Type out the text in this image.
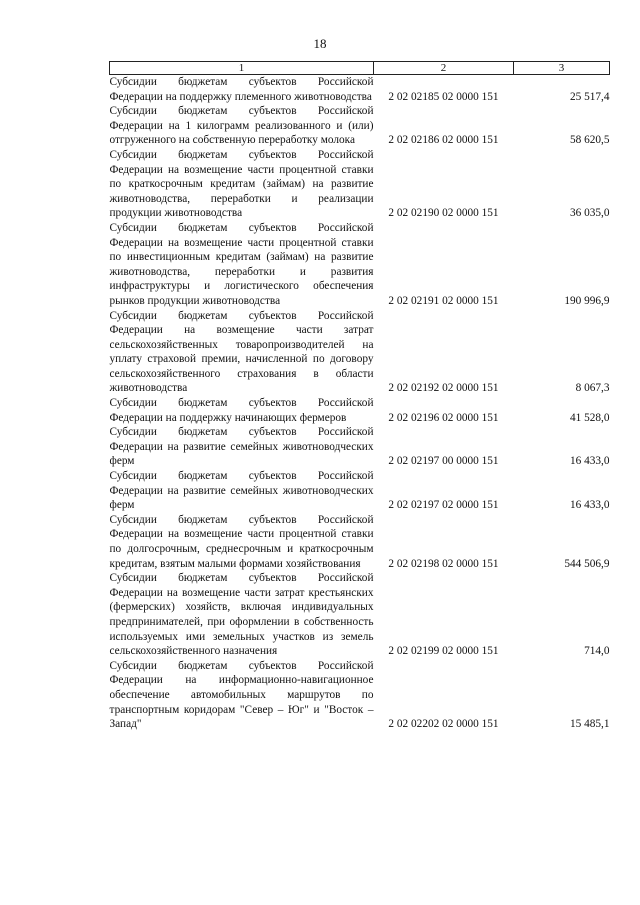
18
1	2	3
Субсидии бюджетам субъектов Российской Федерации на поддержку племенного животноводства	2 02 02185 02 0000 151	25 517,4
Субсидии бюджетам субъектов Российской Федерации на 1 килограмм реализованного и (или) отгруженного на собственную переработку молока	2 02 02186 02 0000 151	58 620,5
Субсидии бюджетам субъектов Российской Федерации на возмещение части процентной ставки по краткосрочным кредитам (займам) на развитие животноводства, переработки и реализации продукции животноводства	2 02 02190 02 0000 151	36 035,0
Субсидии бюджетам субъектов Российской Федерации на возмещение части процентной ставки по инвестиционным кредитам (займам) на развитие животноводства, переработки и развития инфраструктуры и логистического обеспечения рынков продукции животноводства	2 02 02191 02 0000 151	190 996,9
Субсидии бюджетам субъектов Российской Федерации на возмещение части затрат сельскохозяйственных товаропроизводителей на уплату страховой премии, начисленной по договору сельскохозяйственного страхования в области животноводства	2 02 02192 02 0000 151	8 067,3
Субсидии бюджетам субъектов Российской Федерации на поддержку начинающих фермеров	2 02 02196 02 0000 151	41 528,0
Субсидии бюджетам субъектов Российской Федерации на развитие семейных животноводческих ферм	2 02 02197 00 0000 151	16 433,0
Субсидии бюджетам субъектов Российской Федерации на развитие семейных животноводческих ферм	2 02 02197 02 0000 151	16 433,0
Субсидии бюджетам субъектов Российской Федерации на возмещение части процентной ставки по долгосрочным, среднесрочным и краткосрочным кредитам, взятым малыми формами хозяйствования	2 02 02198 02 0000 151	544 506,9
Субсидии бюджетам субъектов Российской Федерации на возмещение части затрат крестьянских (фермерских) хозяйств, включая индивидуальных предпринимателей, при оформлении в собственность используемых ими земельных участков из земель сельскохозяйственного назначения	2 02 02199 02 0000 151	714,0
Субсидии бюджетам субъектов Российской Федерации на информационно-навигационное обеспечение автомобильных маршрутов по транспортным коридорам "Север – Юг" и "Восток – Запад"	2 02 02202 02 0000 151	15 485,1
